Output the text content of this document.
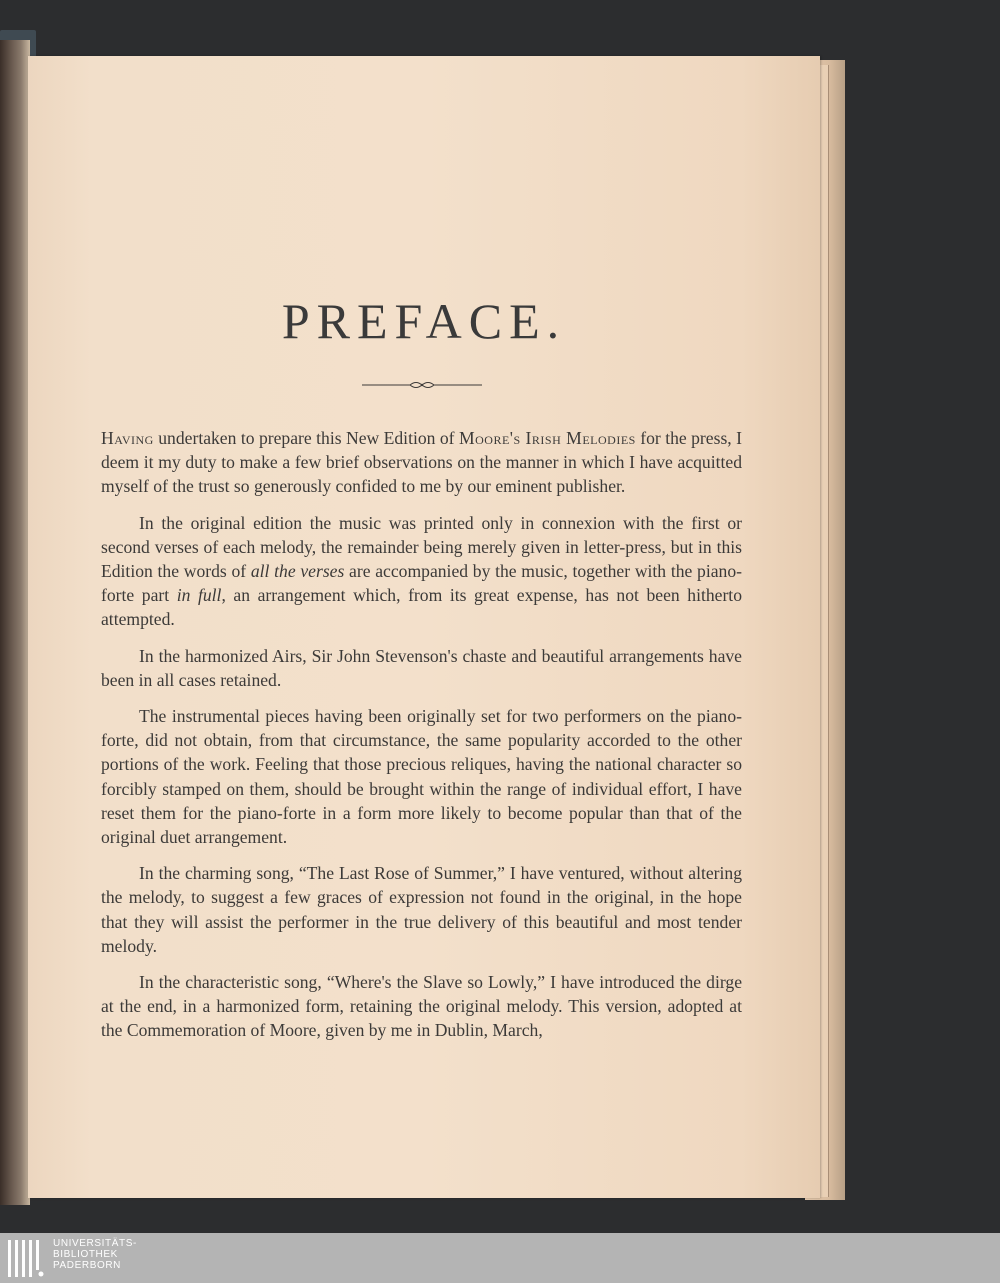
PREFACE.

Having undertaken to prepare this New Edition of Moore's Irish Melodies for the press, I deem it my duty to make a few brief observations on the manner in which I have acquitted myself of the trust so generously confided to me by our eminent publisher.

In the original edition the music was printed only in connexion with the first or second verses of each melody, the remainder being merely given in letter-press, but in this Edition the words of all the verses are accompanied by the music, together with the piano-forte part in full, an arrangement which, from its great expense, has not been hitherto attempted.

In the harmonized Airs, Sir John Stevenson's chaste and beautiful arrangements have been in all cases retained.

The instrumental pieces having been originally set for two performers on the piano-forte, did not obtain, from that circumstance, the same popularity accorded to the other portions of the work. Feeling that those precious reliques, having the national character so forcibly stamped on them, should be brought within the range of individual effort, I have reset them for the piano-forte in a form more likely to become popular than that of the original duet arrangement.

In the charming song, “The Last Rose of Summer,” I have ventured, without altering the melody, to suggest a few graces of expression not found in the original, in the hope that they will assist the performer in the true delivery of this beautiful and most tender melody.

In the characteristic song, “Where's the Slave so Lowly,” I have introduced the dirge at the end, in a harmonized form, retaining the original melody. This version, adopted at the Commemoration of Moore, given by me in Dublin, March,

UNIVERSITÄTS-
BIBLIOTHEK
PADERBORN
